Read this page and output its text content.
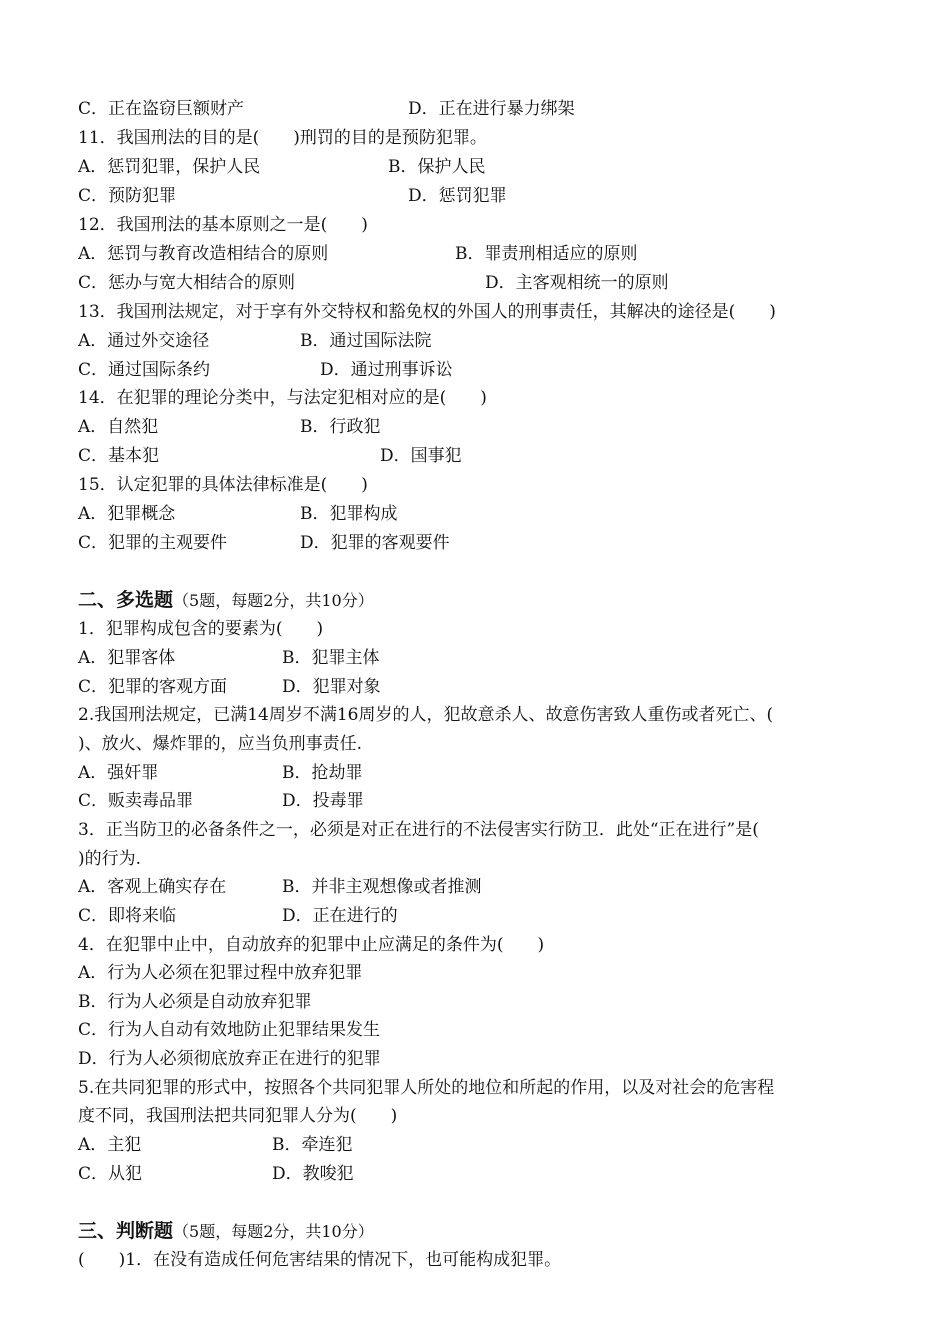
C．正在盗窃巨额财产	D．正在进行暴力绑架
11．我国刑法的目的是(　　)刑罚的目的是预防犯罪。
A．惩罚犯罪，保护人民	B．保护人民
C．预防犯罪	D．惩罚犯罪
12．我国刑法的基本原则之一是(　　)
A．惩罚与教育改造相结合的原则	B．罪责刑相适应的原则
C．惩办与宽大相结合的原则	D．主客观相统一的原则
13．我国刑法规定，对于享有外交特权和豁免权的外国人的刑事责任，其解决的途径是(　　)
A．通过外交途径	B．通过国际法院
C．通过国际条约	D．通过刑事诉讼
14．在犯罪的理论分类中，与法定犯相对应的是(　　)
A．自然犯	B．行政犯
C．基本犯	D．国事犯
15．认定犯罪的具体法律标准是(　　)
A．犯罪概念	B．犯罪构成
C．犯罪的主观要件	D．犯罪的客观要件
二、多选题（5题，每题2分，共10分）
1．犯罪构成包含的要素为(　　)
A．犯罪客体	B．犯罪主体
C．犯罪的客观方面	D．犯罪对象
2.我国刑法规定，已满14周岁不满16周岁的人，犯故意杀人、故意伤害致人重伤或者死亡、(
)、放火、爆炸罪的，应当负刑事责任.
A．强奸罪	B．抢劫罪
C．贩卖毒品罪	D．投毒罪
3．正当防卫的必备条件之一，必须是对正在进行的不法侵害实行防卫．此处“正在进行”是(
)的行为.
A．客观上确实存在	B．并非主观想像或者推测
C．即将来临	D．正在进行的
4．在犯罪中止中，自动放弃的犯罪中止应满足的条件为(　　)
A．行为人必须在犯罪过程中放弃犯罪
B．行为人必须是自动放弃犯罪
C．行为人自动有效地防止犯罪结果发生
D．行为人必须彻底放弃正在进行的犯罪
5.在共同犯罪的形式中，按照各个共同犯罪人所处的地位和所起的作用，以及对社会的危害程
度不同，我国刑法把共同犯罪人分为(　　)
A．主犯	B．牵连犯
C．从犯	D．教唆犯
三、判断题（5题，每题2分，共10分）
(　　)1．在没有造成任何危害结果的情况下，也可能构成犯罪。
